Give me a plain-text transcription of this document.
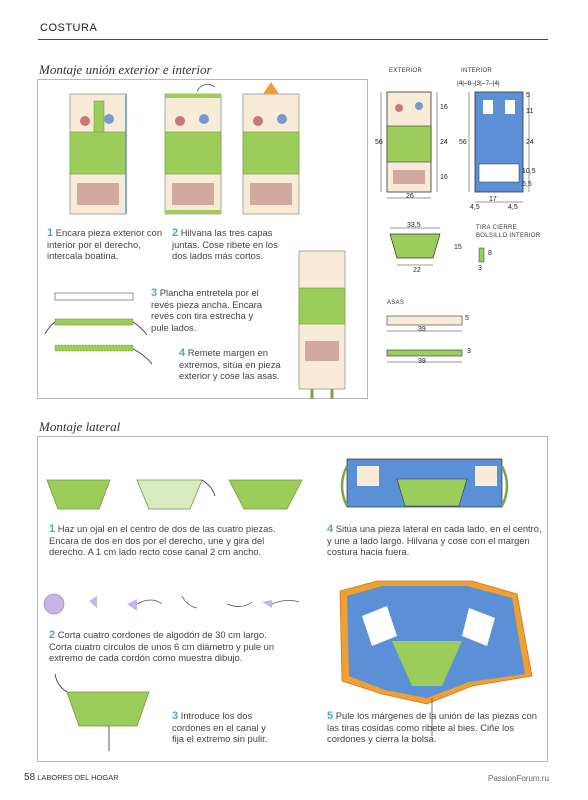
COSTURA
Montaje unión exterior e interior
1 Encara pieza exterior con interior por el derecho, intercala boatina.
2 Hilvana las tres capas juntas. Cose ribete en los dos lados más cortos.
3 Plancha entretela por el revés pieza ancha. Encara revés con tira estrecha y pule lados.
4 Remete margen en extremos, sitúa en pieza exterior y cose las asas.
EXTERIOR	INTERIOR
|4|–8–|3|–7–|4|
56
16
24
16
26
56
5
11
24
10,5
5,5
4,5
17
4,5
33,5
15
22
TIRA CIERRE
BOLSILLO INTERIOR
8
3
ASAS
5
39
3
39
Montaje lateral
1 Haz un ojal en el centro de dos de las cuatro piezas. Encara de dos en dos por el derecho, une y gira del derecho. A 1 cm lado recto cose canal 2 cm ancho.
2 Corta cuatro cordones de algodón de 30 cm largo. Corta cuatro círculos de unos 6 cm diámetro y pule un extremo de cada cordón como muestra dibujo.
3 Introduce los dos cordones en el canal y fija el extremo sin pulir.
4 Sitúa una pieza lateral en cada lado, en el centro, y une a lado largo. Hilvana y cose con el margen costura hacia fuera.
5 Pule los márgenes de la unión de las piezas con las tiras cosidas como ribete al bies. Ciñe los cordones y cierra la bolsa.
58 LABORES DEL HOGAR	PassionForum.ru
